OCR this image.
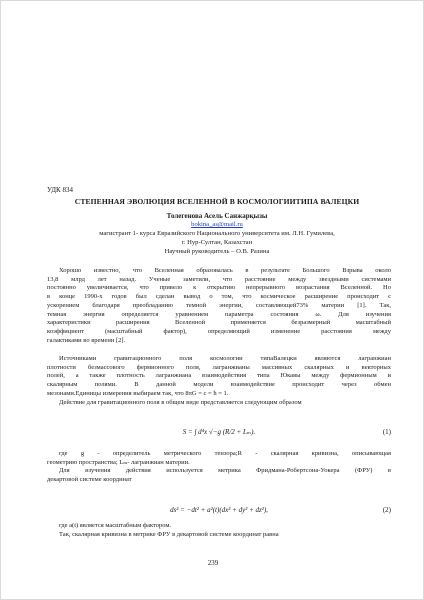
УДК 834
СТЕПЕННАЯ ЭВОЛЮЦИЯ ВСЕЛЕННОЙ В КОСМОЛОГИИТИПА ВАЛЕЦКИ
Толегенова Асель Санжарқызы
bokina_as@mail.ru
магистрант 1- курса Евразийского Национального университета им. Л.Н. Гумилева,
г. Нур-Султан, Казахстан
Научный руководитель – О.В. Разина
Хорошо известно, что Вселенная образовалась в результате Большого Взрыва около
13,8 млрд лет назад. Ученые заметили, что расстояние между звездными системами
постоянно увеличивается, что привело к открытию непрерывного возрастания Вселенной. Но
в конце 1990-х годов был сделан вывод о том, что космическое расширение происходит с
ускорением благодаря преобладанию темной энергии, составляющей73% материи [1]. Так,
темная энергия определяется уравнением параметра состояния ω. Для изучения
характеристики расширения Вселенной применяется безразмерный масштабный
коэффициент (масштабный фактор), определяющий изменение расстояния между
галактиками во времени [2].
Источниками гравитационного поля космологии типаВалецки являются лагранжиан
плотности безмассового фермионного поля, лагранжианы массивных скалярных и векторных
полей, а также плотность лагранжиана взаимодействия типа Юкавы между фермионным и
скалярным полями. В данной модели взаимодействие происходит через обмен
мезонами.Единицы измерения выбираем так, что 8πG = c = ħ = 1.
Действие для гравитационного поля в общем виде представляется следующим образом
S = ∫ d⁴x √−g (R/2 + Lₘ).	(1)
где g - определитель метрического тензора;R - скалярная кривизна, описывающая
геометрию пространства; Lₘ- лагранжиан материи.
Для изучения действия используется метрика Фридмана-Робертсона-Уокера (ФРУ) в
декартовой системе координат
ds² = −dt² + a²(t)(dx² + dy² + dz²),	(2)
где a(t) является масштабным фактором.
Так, скалярная кривизна в метрике ФРУ в декартовой системе координат равна
239
